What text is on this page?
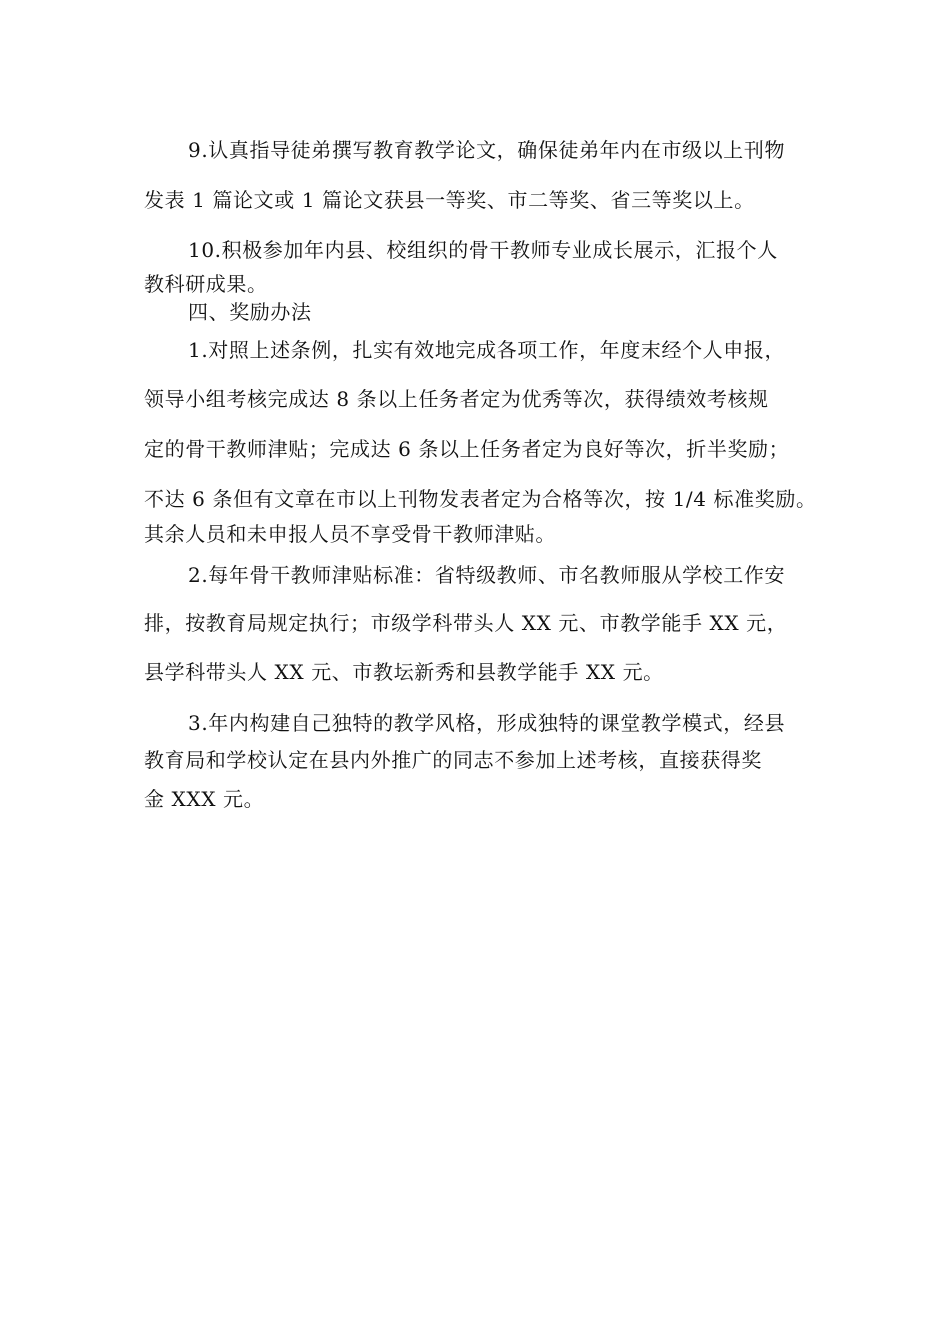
9.认真指导徒弟撰写教育教学论文，确保徒弟年内在市级以上刊物
发表 1 篇论文或 1 篇论文获县一等奖、市二等奖、省三等奖以上。
10.积极参加年内县、校组织的骨干教师专业成长展示，汇报个人
教科研成果。
四、奖励办法
1.对照上述条例，扎实有效地完成各项工作，年度末经个人申报，
领导小组考核完成达 8 条以上任务者定为优秀等次，获得绩效考核规
定的骨干教师津贴；完成达 6 条以上任务者定为良好等次，折半奖励；
不达 6 条但有文章在市以上刊物发表者定为合格等次，按 1/4 标准奖励。
其余人员和未申报人员不享受骨干教师津贴。
2.每年骨干教师津贴标准：省特级教师、市名教师服从学校工作安
排，按教育局规定执行；市级学科带头人 XX 元、市教学能手 XX 元，
县学科带头人 XX 元、市教坛新秀和县教学能手 XX 元。
3.年内构建自己独特的教学风格，形成独特的课堂教学模式，经县
教育局和学校认定在县内外推广的同志不参加上述考核，直接获得奖
金 XXX 元。
